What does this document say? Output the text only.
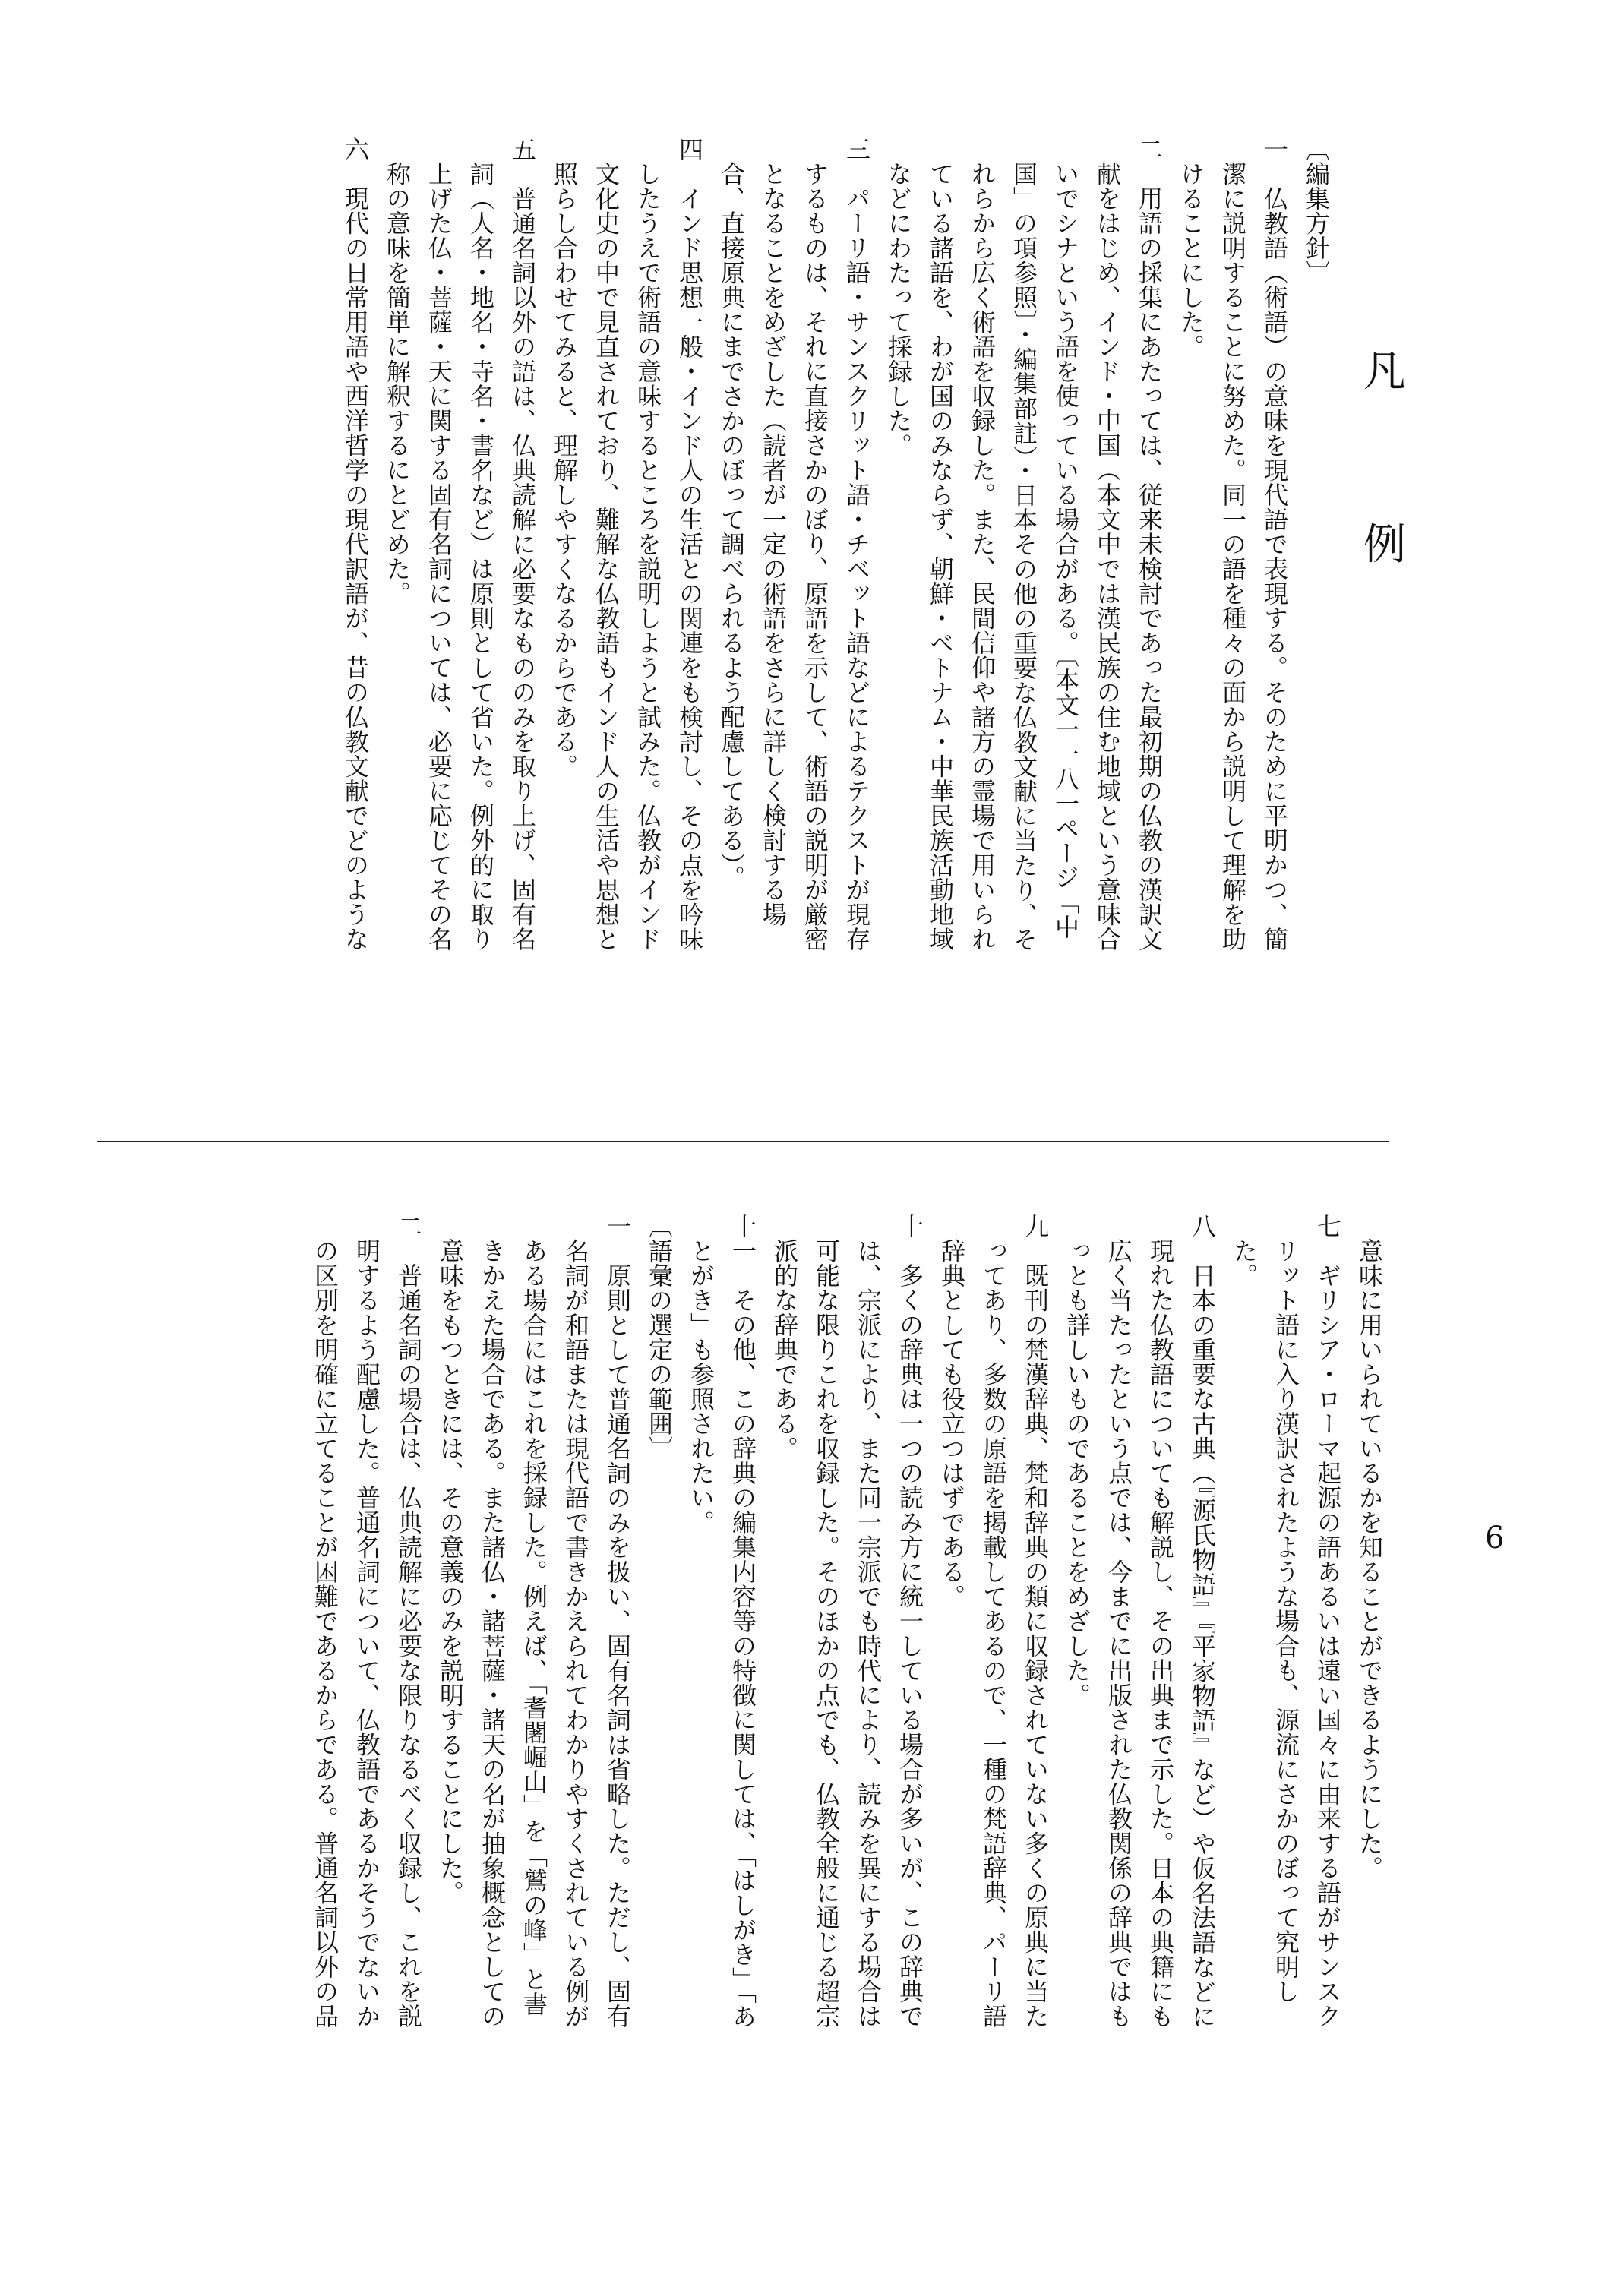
凡
例
〔編集方針〕
一　仏教語（術語）の意味を現代語で表現する。そのために平明かつ、簡
　潔に説明することに努めた。同一の語を種々の面から説明して理解を助
　けることにした。
二　用語の採集にあたっては、従来未検討であった最初期の仏教の漢訳文
　献をはじめ、インド・中国（本文中では漢民族の住む地域という意味合
　いでシナという語を使っている場合がある。〔本文一一八一ページ「中
　国」の項参照〕・編集部註）・日本その他の重要な仏教文献に当たり、そ
　れらから広く術語を収録した。また、民間信仰や諸方の霊場で用いられ
　ている諸語を、わが国のみならず、朝鮮・ベトナム・中華民族活動地域
　などにわたって採録した。
三　パーリ語・サンスクリット語・チベット語などによるテクストが現存
　するものは、それに直接さかのぼり、原語を示して、術語の説明が厳密
　となることをめざした（読者が一定の術語をさらに詳しく検討する場
　合、直接原典にまでさかのぼって調べられるよう配慮してある）。
四　インド思想一般・インド人の生活との関連をも検討し、その点を吟味
　したうえで術語の意味するところを説明しようと試みた。仏教がインド
　文化史の中で見直されており、難解な仏教語もインド人の生活や思想と
　照らし合わせてみると、理解しやすくなるからである。
五　普通名詞以外の語は、仏典読解に必要なもののみを取り上げ、固有名
　詞（人名・地名・寺名・書名など）は原則として省いた。例外的に取り
　上げた仏・菩薩・天に関する固有名詞については、必要に応じてその名
　称の意味を簡単に解釈するにとどめた。
六　現代の日常用語や西洋哲学の現代訳語が、昔の仏教文献でどのような
　意味に用いられているかを知ることができるようにした。
七　ギリシア・ローマ起源の語あるいは遠い国々に由来する語がサンスク
　リット語に入り漢訳されたような場合も、源流にさかのぼって究明し
　た。
八　日本の重要な古典（『源氏物語』『平家物語』など）や仮名法語などに
　現れた仏教語についても解説し、その出典まで示した。日本の典籍にも
　広く当たったという点では、今までに出版された仏教関係の辞典ではも
　っとも詳しいものであることをめざした。
九　既刊の梵漢辞典、梵和辞典の類に収録されていない多くの原典に当た
　ってあり、多数の原語を掲載してあるので、一種の梵語辞典、パーリ語
　辞典としても役立つはずである。
十　多くの辞典は一つの読み方に統一している場合が多いが、この辞典で
　は、宗派により、また同一宗派でも時代により、読みを異にする場合は
　可能な限りこれを収録した。そのほかの点でも、仏教全般に通じる超宗
　派的な辞典である。
十一　その他、この辞典の編集内容等の特徴に関しては、「はしがき」「あ
　とがき」も参照されたい。
〔語彙の選定の範囲〕
一　原則として普通名詞のみを扱い、固有名詞は省略した。ただし、固有
　名詞が和語または現代語で書きかえられてわかりやすくされている例が
　ある場合にはこれを採録した。例えば、「耆闍崛山」を「鷲の峰」と書
　きかえた場合である。また諸仏・諸菩薩・諸天の名が抽象概念としての
　意味をもつときには、その意義のみを説明することにした。
二　普通名詞の場合は、仏典読解に必要な限りなるべく収録し、これを説
　明するよう配慮した。普通名詞について、仏教語であるかそうでないか
　の区別を明確に立てることが困難であるからである。普通名詞以外の品	6
